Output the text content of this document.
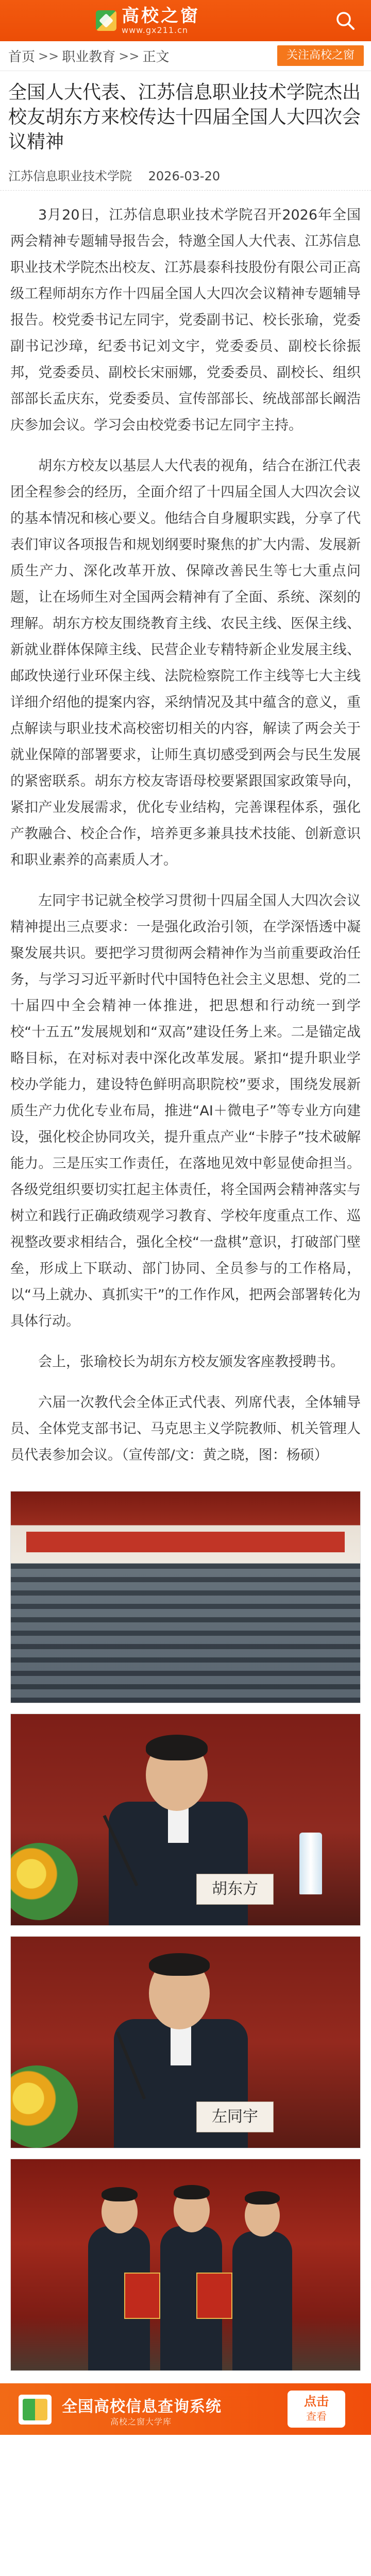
高校之窗
www.gx211.cn
首页 >> 职业教育 >> 正文	关注高校之窗
全国人大代表、江苏信息职业技术学院杰出校友胡东方来校传达十四届全国人大四次会议精神
江苏信息职业技术学院 2026-03-20

3月20日，江苏信息职业技术学院召开2026年全国两会精神专题辅导报告会，特邀全国人大代表、江苏信息职业技术学院杰出校友、江苏晨泰科技股份有限公司正高级工程师胡东方作十四届全国人大四次会议精神专题辅导报告。校党委书记左同宇，党委副书记、校长张瑜，党委副书记沙璋，纪委书记刘文宇，党委委员、副校长徐振邦，党委委员、副校长宋丽娜，党委委员、副校长、组织部部长孟庆东，党委委员、宣传部部长、统战部部长阚浩庆参加会议。学习会由校党委书记左同宇主持。

胡东方校友以基层人大代表的视角，结合在浙江代表团全程参会的经历，全面介绍了十四届全国人大四次会议的基本情况和核心要义。他结合自身履职实践，分享了代表们审议各项报告和规划纲要时聚焦的扩大内需、发展新质生产力、深化改革开放、保障改善民生等七大重点问题，让在场师生对全国两会精神有了全面、系统、深刻的理解。胡东方校友围绕教育主线、农民主线、医保主线、新就业群体保障主线、民营企业专精特新企业发展主线、邮政快递行业环保主线、法院检察院工作主线等七大主线详细介绍他的提案内容，采纳情况及其中蕴含的意义，重点解读与职业技术高校密切相关的内容，解读了两会关于就业保障的部署要求，让师生真切感受到两会与民生发展的紧密联系。胡东方校友寄语母校要紧跟国家政策导向，紧扣产业发展需求，优化专业结构，完善课程体系，强化产教融合、校企合作，培养更多兼具技术技能、创新意识和职业素养的高素质人才。

左同宇书记就全校学习贯彻十四届全国人大四次会议精神提出三点要求：一是强化政治引领，在学深悟透中凝聚发展共识。要把学习贯彻两会精神作为当前重要政治任务，与学习习近平新时代中国特色社会主义思想、党的二十届四中全会精神一体推进，把思想和行动统一到学校“十五五”发展规划和“双高”建设任务上来。二是锚定战略目标，在对标对表中深化改革发展。紧扣“提升职业学校办学能力，建设特色鲜明高职院校”要求，围绕发展新质生产力优化专业布局，推进“AI＋微电子”等专业方向建设，强化校企协同攻关，提升重点产业“卡脖子”技术破解能力。三是压实工作责任，在落地见效中彰显使命担当。各级党组织要切实扛起主体责任，将全国两会精神落实与树立和践行正确政绩观学习教育、学校年度重点工作、巡视整改要求相结合，强化全校“一盘棋”意识，打破部门壁垒，形成上下联动、部门协同、全员参与的工作格局，以“马上就办、真抓实干”的工作作风，把两会部署转化为具体行动。

会上，张瑜校长为胡东方校友颁发客座教授聘书。

六届一次教代会全体正式代表、列席代表，全体辅导员、全体党支部书记、马克思主义学院教师、机关管理人员代表参加会议。（宣传部/文：黄之晓，图：杨硕）

胡东方
左同宇
全国高校信息查询系统
高校之窗大学库
点击
查看
